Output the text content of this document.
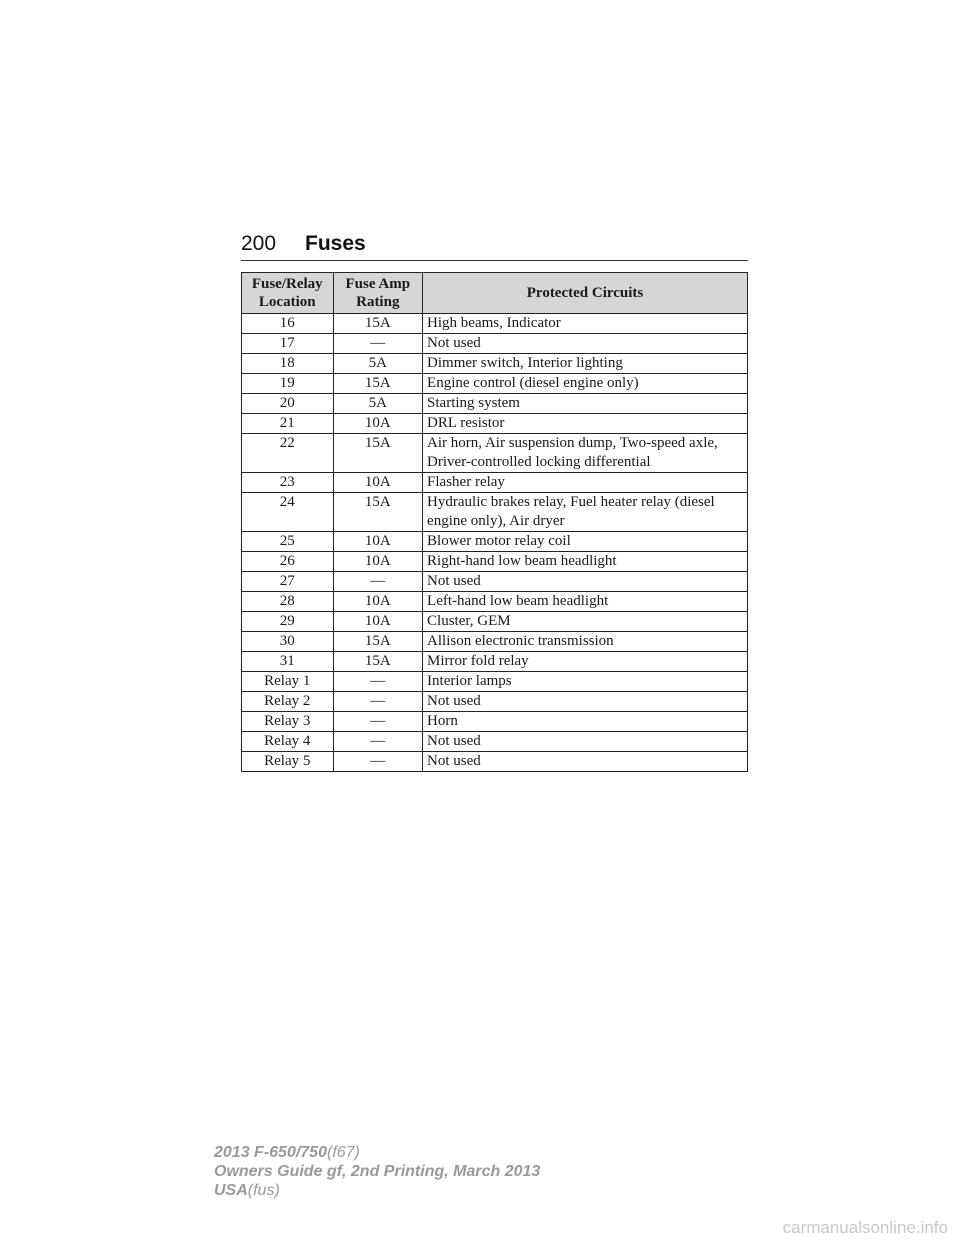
200 Fuses
Fuse/Relay Location	Fuse Amp Rating	Protected Circuits
16	15A	High beams, Indicator
17	—	Not used
18	5A	Dimmer switch, Interior lighting
19	15A	Engine control (diesel engine only)
20	5A	Starting system
21	10A	DRL resistor
22	15A	Air horn, Air suspension dump, Two-speed axle, Driver-controlled locking differential
23	10A	Flasher relay
24	15A	Hydraulic brakes relay, Fuel heater relay (diesel engine only), Air dryer
25	10A	Blower motor relay coil
26	10A	Right-hand low beam headlight
27	—	Not used
28	10A	Left-hand low beam headlight
29	10A	Cluster, GEM
30	15A	Allison electronic transmission
31	15A	Mirror fold relay
Relay 1	—	Interior lamps
Relay 2	—	Not used
Relay 3	—	Horn
Relay 4	—	Not used
Relay 5	—	Not used
2013 F-650/750(f67)
Owners Guide gf, 2nd Printing, March 2013
USA(fus)
carmanualsonline.info
